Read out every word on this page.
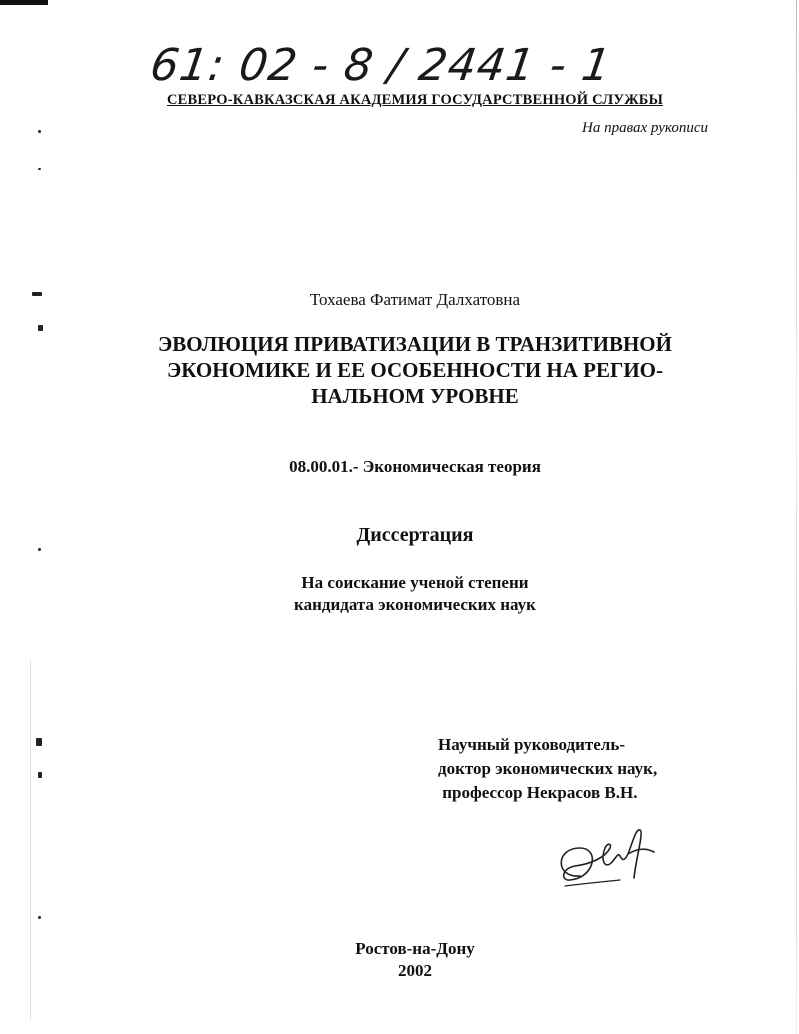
61: 02 - 8 / 2441 - 1
СЕВЕРО-КАВКАЗСКАЯ АКАДЕМИЯ ГОСУДАРСТВЕННОЙ СЛУЖБЫ
На правах рукописи
Тохаева Фатимат Далхатовна
ЭВОЛЮЦИЯ ПРИВАТИЗАЦИИ В ТРАНЗИТИВНОЙ
ЭКОНОМИКЕ И ЕЕ ОСОБЕННОСТИ НА РЕГИО-
НАЛЬНОМ УРОВНЕ
08.00.01.- Экономическая теория
Диссертация
На соискание ученой степени
кандидата экономических наук
Научный руководитель-
доктор экономических наук,
профессор Некрасов В.Н.
Ростов-на-Дону
2002
